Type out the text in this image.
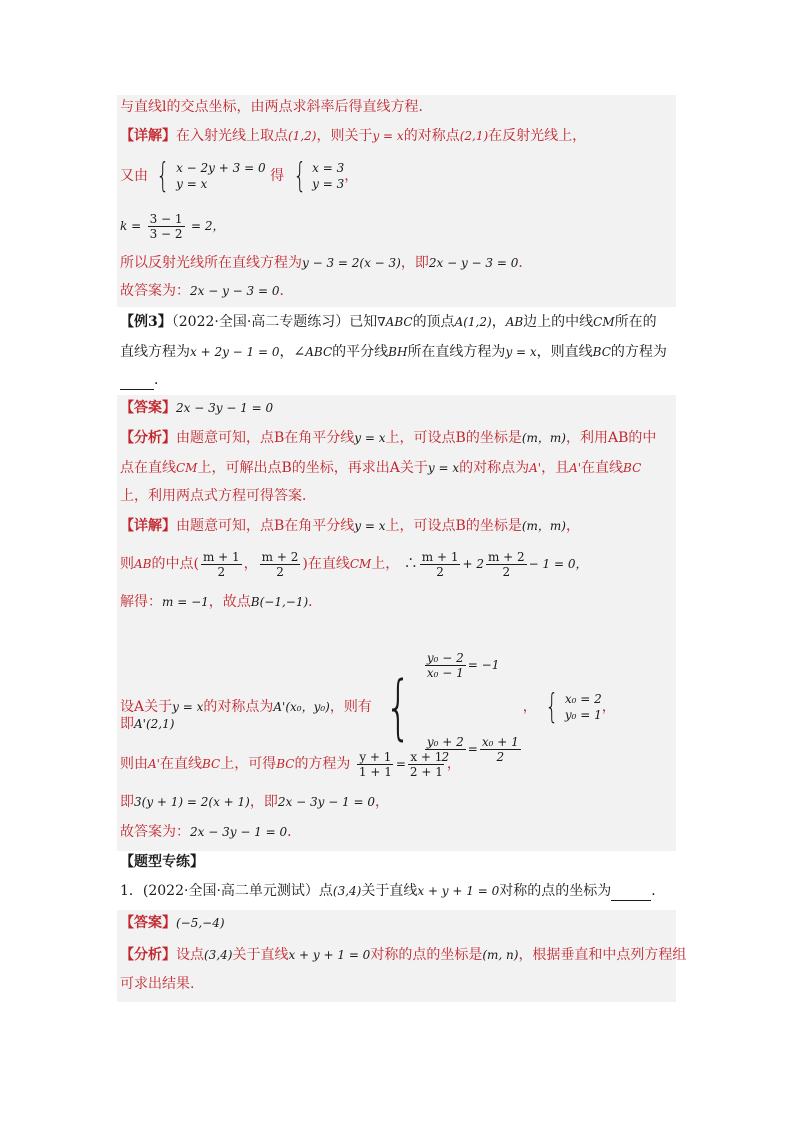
与直线l的交点坐标，由两点求斜率后得直线方程．
【详解】在入射光线上取点(1,2)，则关于y = x的对称点(2,1)在反射光线上，
又由 { x − 2y + 3 = 0
y = x	得 { x = 3
y = 3 ，
$k = \frac{3 - 1}{3 - 2} = 2$，
所以反射光线所在直线方程为y − 3 = 2(x − 3)，即2x − y − 3 = 0．
故答案为：2x − y − 3 = 0．
【例3】（2022·全国·高二专题练习）已知∇ABC的顶点A(1,2)，AB边上的中线CM所在的
直线方程为x + 2y − 1 = 0，∠ABC的平分线BH所在直线方程为y = x，则直线BC的方程为
．
【答案】2x − 3y − 1 = 0
【分析】由题意可知，点B在角平分线y = x上，可设点B的坐标是(m，m)，利用AB的中
点在直线CM上，可解出点B的坐标，再求出A关于y = x的对称点为A'，且A'在直线BC
上，利用两点式方程可得答案．
【详解】由题意可知，点B在角平分线y = x上，可设点B的坐标是(m，m)，
则AB的中点( $\frac{m + 1}{2}$ ， $\frac{m + 2}{2}$ )在直线CM上， ∴ $\frac{m + 1}{2} + 2 \frac{m + 2}{2} - 1 = 0$，
解得：m = −1，故点B(−1,−1)．
设A关于y = x的对称点为A'(x₀，y₀)，则有 {
$\frac{\text{y₀ − 2}}{\text{x₀ − 1}} = -1$
$\frac{\text{y₀ + 2}}{2} = \frac{\text{x₀ + 1}}{2}$
， { x₀ = 2
y₀ = 1 ，
即A'(2,1)
则由A'在直线BC上，可得BC的方程为 $\frac{y + 1}{1 + 1} = \frac{x + 1}{2 + 1}$ ，
即3(y + 1) = 2(x + 1)，即2x − 3y − 1 = 0，
故答案为：2x − 3y − 1 = 0．
【题型专练】
1．(2022·全国·高二单元测试）点(3,4)关于直线x + y + 1 = 0对称的点的坐标为	．
【答案】(−5,−4)
【分析】设点(3,4)关于直线x + y + 1 = 0对称的点的坐标是(m, n)，根据垂直和中点列方程组
可求出结果.
